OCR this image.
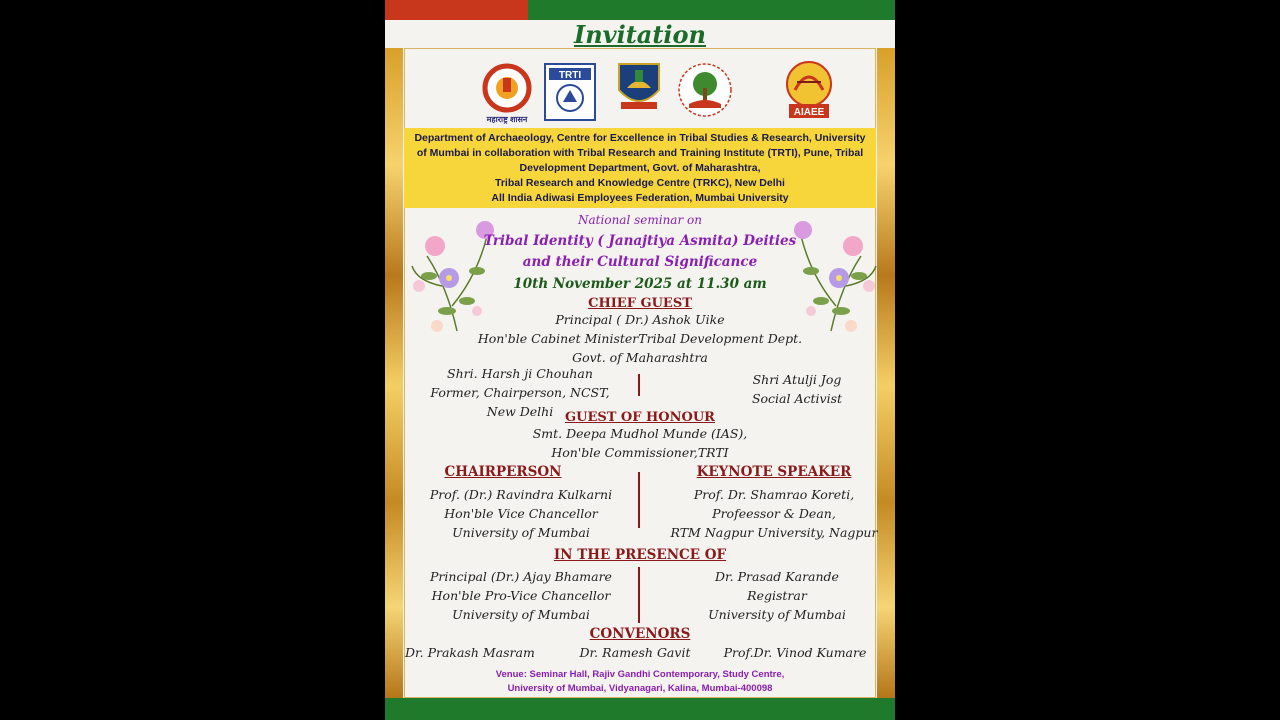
Invitation
महाराष्ट्र शासन
TRTI
AIAEE
Department of Archaeology, Centre for Excellence in Tribal Studies & Research, University
of Mumbai in collaboration with Tribal Research and Training Institute (TRTI), Pune, Tribal
Development Department, Govt. of Maharashtra,
Tribal Research and Knowledge Centre (TRKC), New Delhi
All India Adiwasi Employees Federation, Mumbai University
National seminar on
Tribal Identity ( Janajtiya Asmita) Deities
and their Cultural Significance
10th November 2025 at 11.30 am
CHIEF GUEST
Principal ( Dr.) Ashok Uike
Hon'ble Cabinet MinisterTribal Development Dept.
Govt. of Maharashtra
Shri. Harsh ji Chouhan
Former, Chairperson, NCST,
New Delhi
Shri Atulji Jog
Social Activist
GUEST OF HONOUR
Smt. Deepa Mudhol Munde (IAS),
Hon'ble Commissioner,TRTI
CHAIRPERSON	KEYNOTE SPEAKER
Prof. (Dr.) Ravindra Kulkarni
Hon'ble Vice Chancellor
University of Mumbai
Prof. Dr. Shamrao Koreti,
Profeessor & Dean,
RTM Nagpur University, Nagpur
IN THE PRESENCE OF
Principal (Dr.) Ajay Bhamare
Hon'ble Pro-Vice Chancellor
University of Mumbai
Dr. Prasad Karande
Registrar
University of Mumbai
CONVENORS
Dr. Prakash Masram	Dr. Ramesh Gavit	Prof.Dr. Vinod Kumare
Venue: Seminar Hall, Rajiv Gandhi Contemporary, Study Centre,
University of Mumbai, Vidyanagari, Kalina, Mumbai-400098
